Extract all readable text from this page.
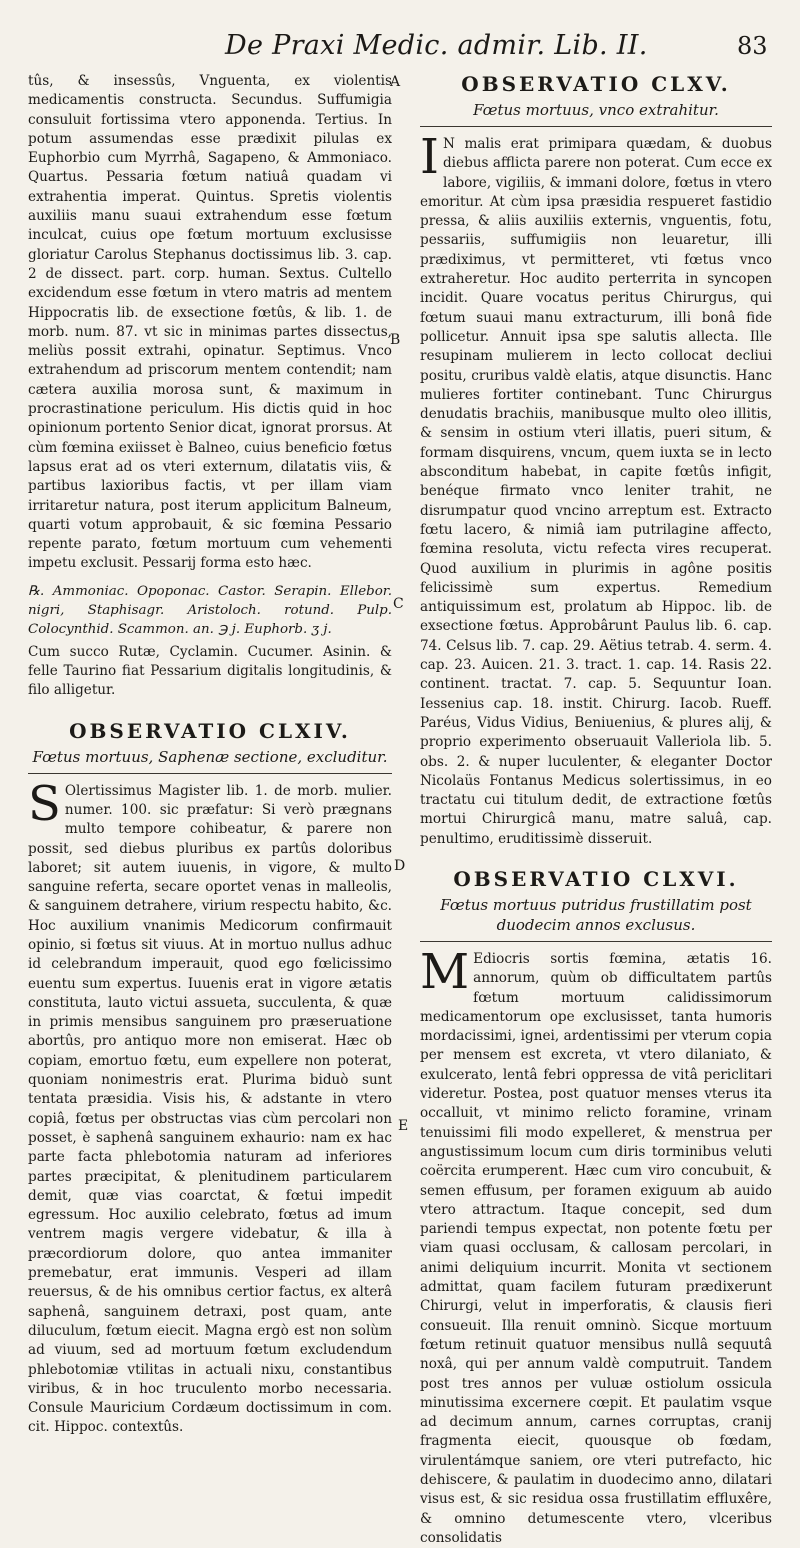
De Praxi Medic. admir. Lib. II.	83
A
B
C
D
E

tûs, & insessûs, Vnguenta, ex violentis medicamentis constructa. Secundus. Suffumigia consuluit fortissima vtero apponenda. Tertius. In potum assumendas esse prædixit pilulas ex Euphorbio cum Myrrhâ, Sagapeno, & Ammoniaco. Quartus. Pessaria fœtum natiuâ quadam vi extrahentia imperat. Quintus. Spretis violentis auxiliis manu suaui extrahendum esse fœtum inculcat, cuius ope fœtum mortuum exclusisse gloriatur Carolus Stephanus doctissimus lib. 3. cap. 2 de dissect. part. corp. human. Sextus. Cultello excidendum esse fœtum in vtero matris ad mentem Hippocratis lib. de exsectione fœtûs, & lib. 1. de morb. num. 87. vt sic in minimas partes dissectus, meliùs possit extrahi, opinatur. Septimus. Vnco extrahendum ad priscorum mentem contendit; nam cætera auxilia morosa sunt, & maximum in procrastinatione periculum. His dictis quid in hoc opinionum portento Senior dicat, ignorat prorsus. At cùm fœmina exiisset è Balneo, cuius beneficio fœtus lapsus erat ad os vteri externum, dilatatis viis, & partibus laxioribus factis, vt per illam viam irritaretur natura, post iterum applicitum Balneum, quarti votum approbauit, & sic fœmina Pessario repente parato, fœtum mortuum cum vehementi impetu exclusit. Pessarij forma esto hæc.

℞. Ammoniac. Opoponac. Castor. Serapin. Ellebor. nigri, Staphisagr. Aristoloch. rotund. Pulp. Colocynthid. Scammon. an. ℈ j. Euphorb. ʒ j.

Cum succo Rutæ, Cyclamin. Cucumer. Asinin. & felle Taurino fiat Pessarium digitalis longitudinis, & filo alligetur.

OBSERVATIO CLXIV.

Fœtus mortuus, Saphenæ sectione, excluditur.

S Olertissimus Magister lib. 1. de morb. mulier. numer. 100. sic præfatur: Si verò prægnans multo tempore cohibeatur, & parere non possit, sed diebus pluribus ex partûs doloribus laboret; sit autem iuuenis, in vigore, & multo sanguine referta, secare oportet venas in malleolis, & sanguinem detrahere, virium respectu habito, &c. Hoc auxilium vnanimis Medicorum confirmauit opinio, si fœtus sit viuus. At in mortuo nullus adhuc id celebrandum imperauit, quod ego fœlicissimo euentu sum expertus. Iuuenis erat in vigore ætatis constituta, lauto victui assueta, succulenta, & quæ in primis mensibus sanguinem pro præseruatione abortûs, pro antiquo more non emiserat. Hæc ob copiam, emortuo fœtu, eum expellere non poterat, quoniam nonimestris erat. Plurima biduò sunt tentata præsidia. Visis his, & adstante in vtero copiâ, fœtus per obstructas vias cùm percolari non posset, è saphenâ sanguinem exhaurio: nam ex hac parte facta phlebotomia naturam ad inferiores partes præcipitat, & plenitudinem particularem demit, quæ vias coarctat, & fœtui impedit egressum. Hoc auxilio celebrato, fœtus ad imum ventrem magis vergere videbatur, & illa à præcordiorum dolore, quo antea immaniter premebatur, erat immunis. Vesperi ad illam reuersus, & de his omnibus certior factus, ex alterâ saphenâ, sanguinem detraxi, post quam, ante diluculum, fœtum eiecit. Magna ergò est non solùm ad viuum, sed ad mortuum fœtum excludendum phlebotomiæ vtilitas in actuali nixu, constantibus viribus, & in hoc truculento morbo necessaria. Consule Mauricium Cordæum doctissimum in com. cit. Hippoc. contextûs.

OBSERVATIO CLXV.

Fœtus mortuus, vnco extrahitur.

I N malis erat primipara quædam, & duobus diebus afflicta parere non poterat. Cum ecce ex labore, vigiliis, & immani dolore, fœtus in vtero emoritur. At cùm ipsa præsidia respueret fastidio pressa, & aliis auxiliis externis, vnguentis, fotu, pessariis, suffumigiis non leuaretur, illi prædiximus, vt permitteret, vti fœtus vnco extraheretur. Hoc audito perterrita in syncopen incidit. Quare vocatus peritus Chirurgus, qui fœtum suaui manu extracturum, illi bonâ fide pollicetur. Annuit ipsa spe salutis allecta. Ille resupinam mulierem in lecto collocat decliui positu, cruribus valdè elatis, atque disunctis. Hanc mulieres fortiter continebant. Tunc Chirurgus denudatis brachiis, manibusque multo oleo illitis, & sensim in ostium vteri illatis, pueri situm, & formam disquirens, vncum, quem iuxta se in lecto absconditum habebat, in capite fœtûs infigit, benéque firmato vnco leniter trahit, ne disrumpatur quod vncino arreptum est. Extracto fœtu lacero, & nimiâ iam putrilagine affecto, fœmina resoluta, victu refecta vires recuperat. Quod auxilium in plurimis in agône positis felicissimè sum expertus. Remedium antiquissimum est, prolatum ab Hippoc. lib. de exsectione fœtus. Approbârunt Paulus lib. 6. cap. 74. Celsus lib. 7. cap. 29. Aëtius tetrab. 4. serm. 4. cap. 23. Auicen. 21. 3. tract. 1. cap. 14. Rasis 22. continent. tractat. 7. cap. 5. Sequuntur Ioan. Iessenius cap. 18. instit. Chirurg. Iacob. Rueff. Paréus, Vidus Vidius, Beniuenius, & plures alij, & proprio experimento obseruauit Valleriola lib. 5. obs. 2. & nuper luculenter, & eleganter Doctor Nicolaüs Fontanus Medicus solertissimus, in eo tractatu cui titulum dedit, de extractione fœtûs mortui Chirurgicâ manu, matre saluâ, cap. penultimo, eruditissimè disseruit.

OBSERVATIO CLXVI.

Fœtus mortuus putridus frustillatim post duodecim annos exclusus.

M Ediocris sortis fœmina, ætatis 16. annorum, quùm ob difficultatem partûs fœtum mortuum calidissimorum medicamentorum ope exclusisset, tanta humoris mordacissimi, ignei, ardentissimi per vterum copia per mensem est excreta, vt vtero dilaniato, & exulcerato, lentâ febri oppressa de vitâ periclitari videretur. Postea, post quatuor menses vterus ita occalluit, vt minimo relicto foramine, vrinam tenuissimi fili modo expelleret, & menstrua per angustissimum locum cum diris torminibus veluti coërcita erumperent. Hæc cum viro concubuit, & semen effusum, per foramen exiguum ab auido vtero attractum. Itaque concepit, sed dum pariendi tempus expectat, non potente fœtu per viam quasi occlusam, & callosam percolari, in animi deliquium incurrit. Monita vt sectionem admittat, quam facilem futuram prædixerunt Chirurgi, velut in imperforatis, & clausis fieri consueuit. Illa renuit omninò. Sicque mortuum fœtum retinuit quatuor mensibus nullâ sequutâ noxâ, qui per annum valdè computruit. Tandem post tres annos per vuluæ ostiolum ossicula minutissima excernere cœpit. Et paulatim vsque ad decimum annum, carnes corruptas, cranij fragmenta eiecit, quousque ob fœdam, virulentámque saniem, ore vteri putrefacto, hic dehiscere, & paulatim in duodecimo anno, dilatari visus est, & sic residua ossa frustillatim effluxêre, & omnino detumescente vtero, vlceribus consolidatis
